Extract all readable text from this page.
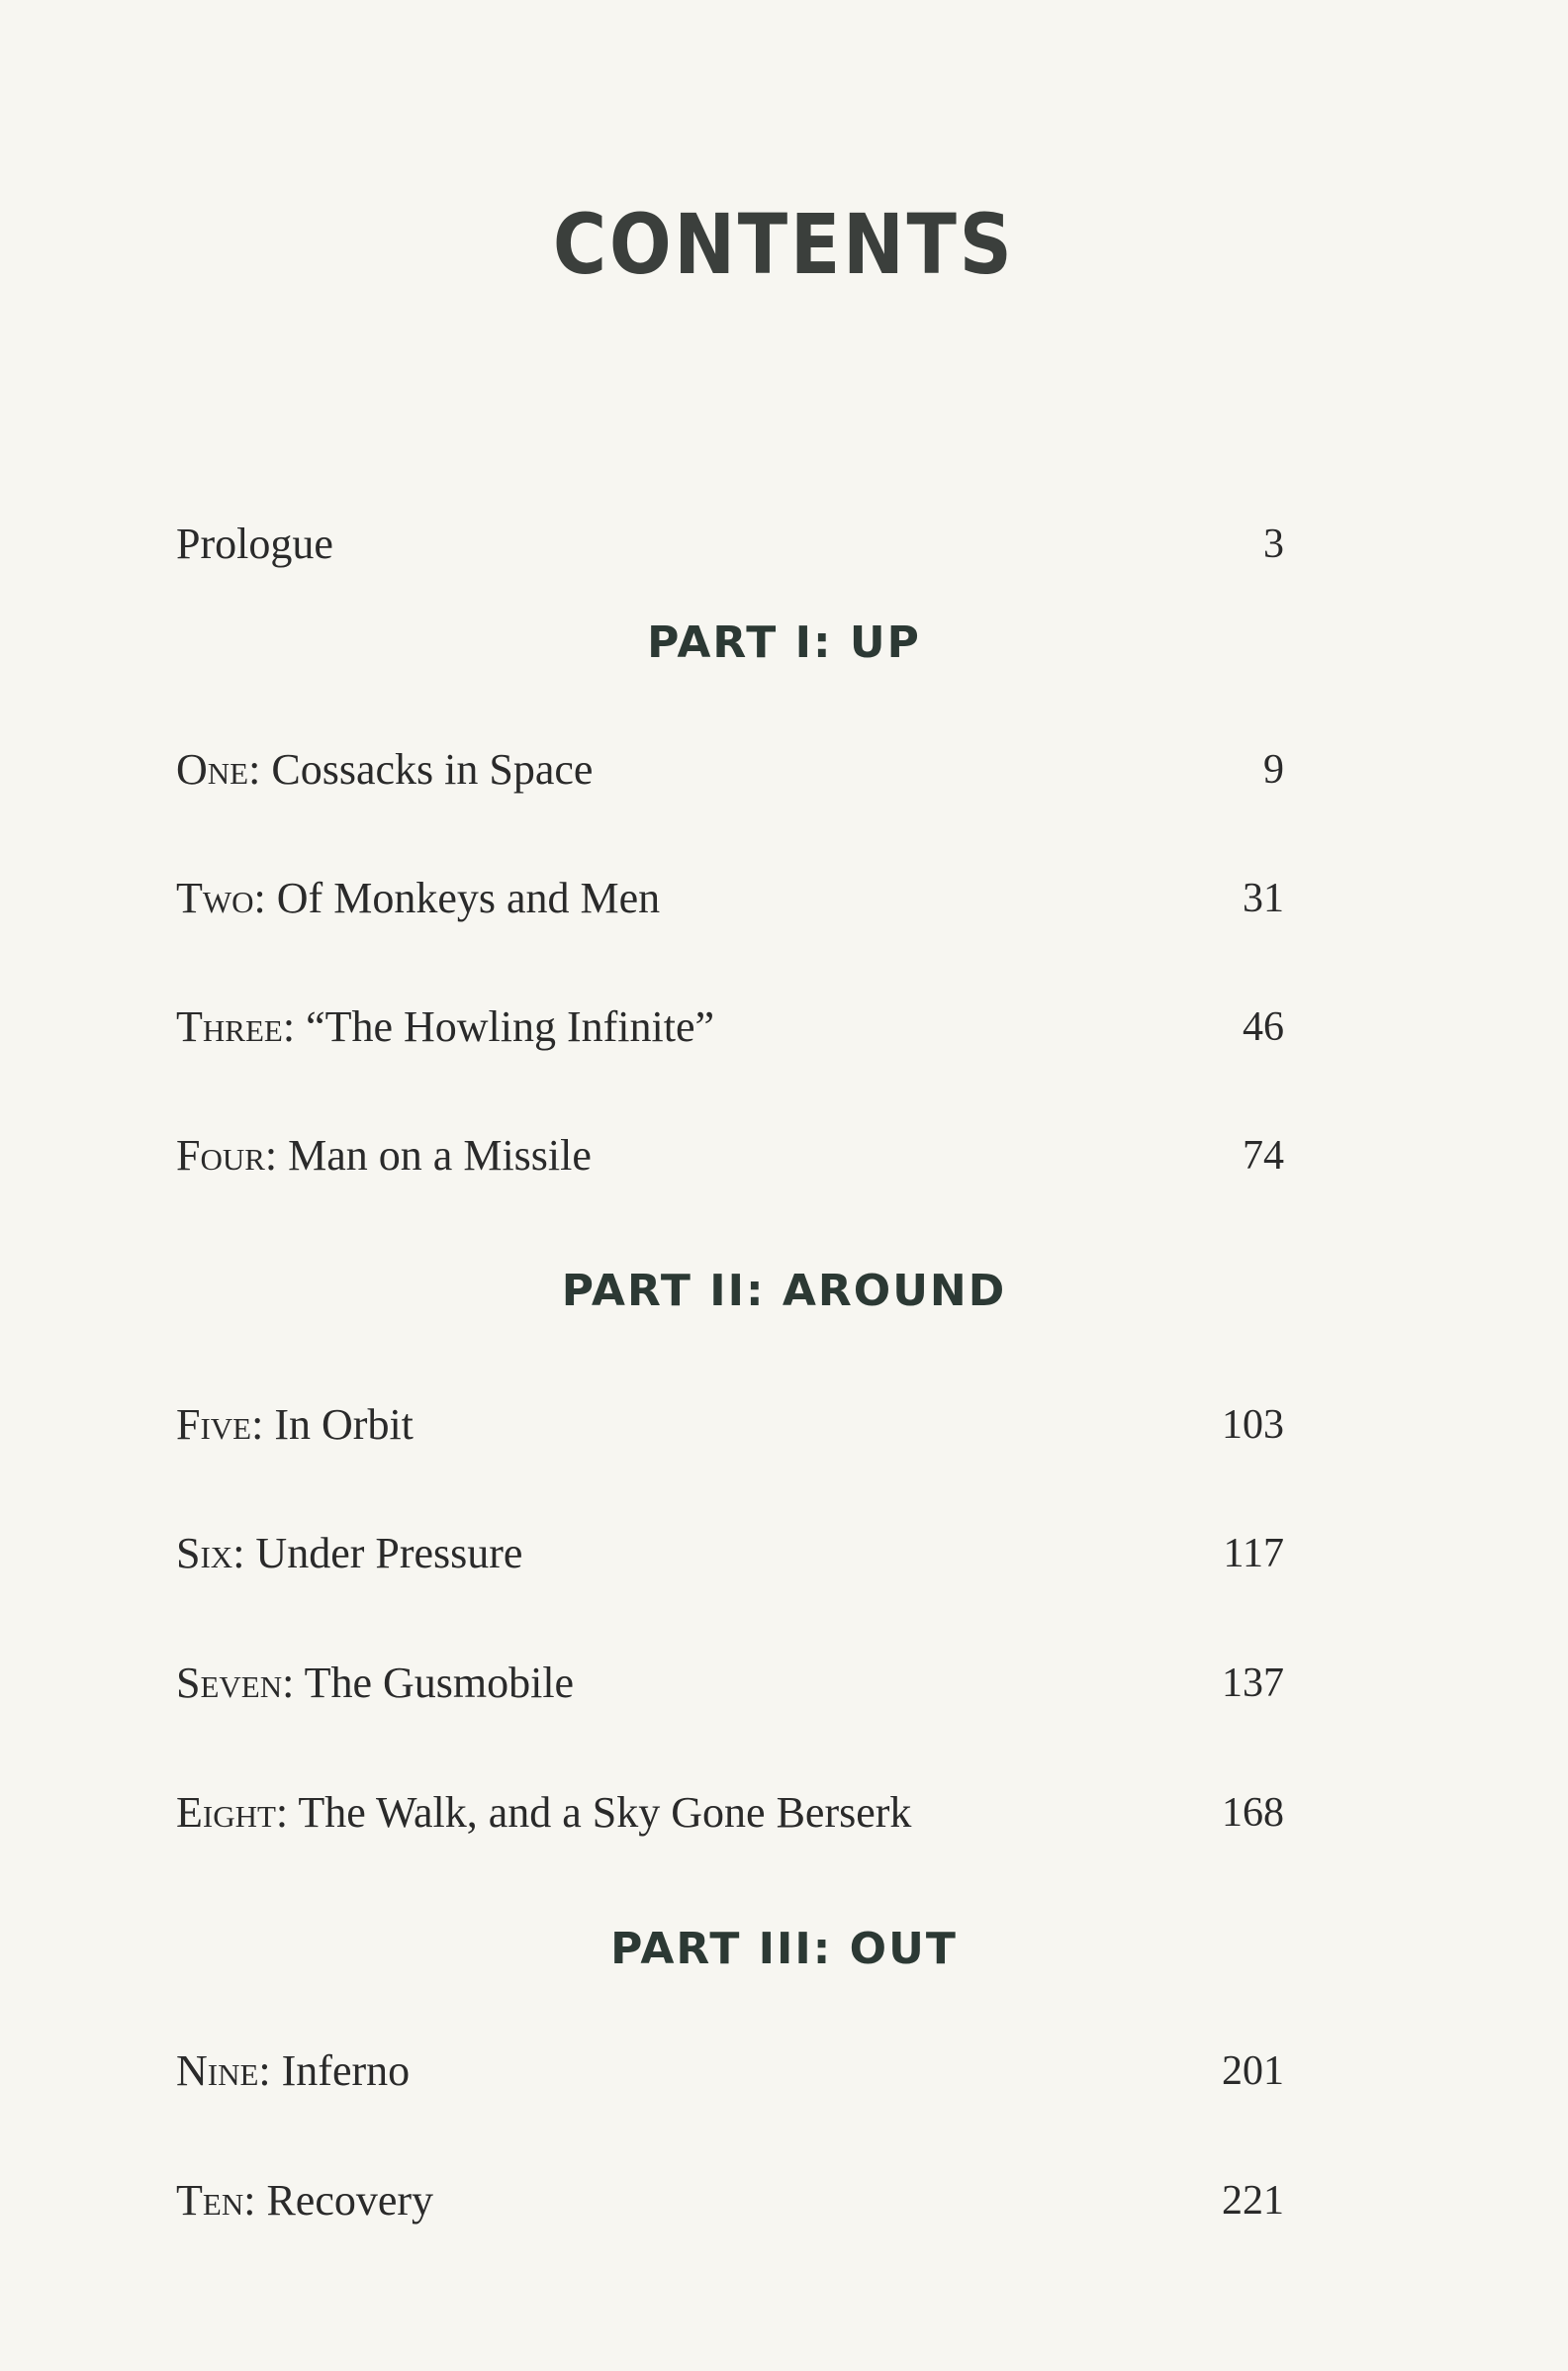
CONTENTS
Prologue	3
PART I: UP
One: Cossacks in Space	9
Two: Of Monkeys and Men	31
Three: “The Howling Infinite”	46
Four: Man on a Missile	74
PART II: AROUND
Five: In Orbit	103
Six: Under Pressure	117
Seven: The Gusmobile	137
Eight: The Walk, and a Sky Gone Berserk	168
PART III: OUT
Nine: Inferno	201
Ten: Recovery	221
